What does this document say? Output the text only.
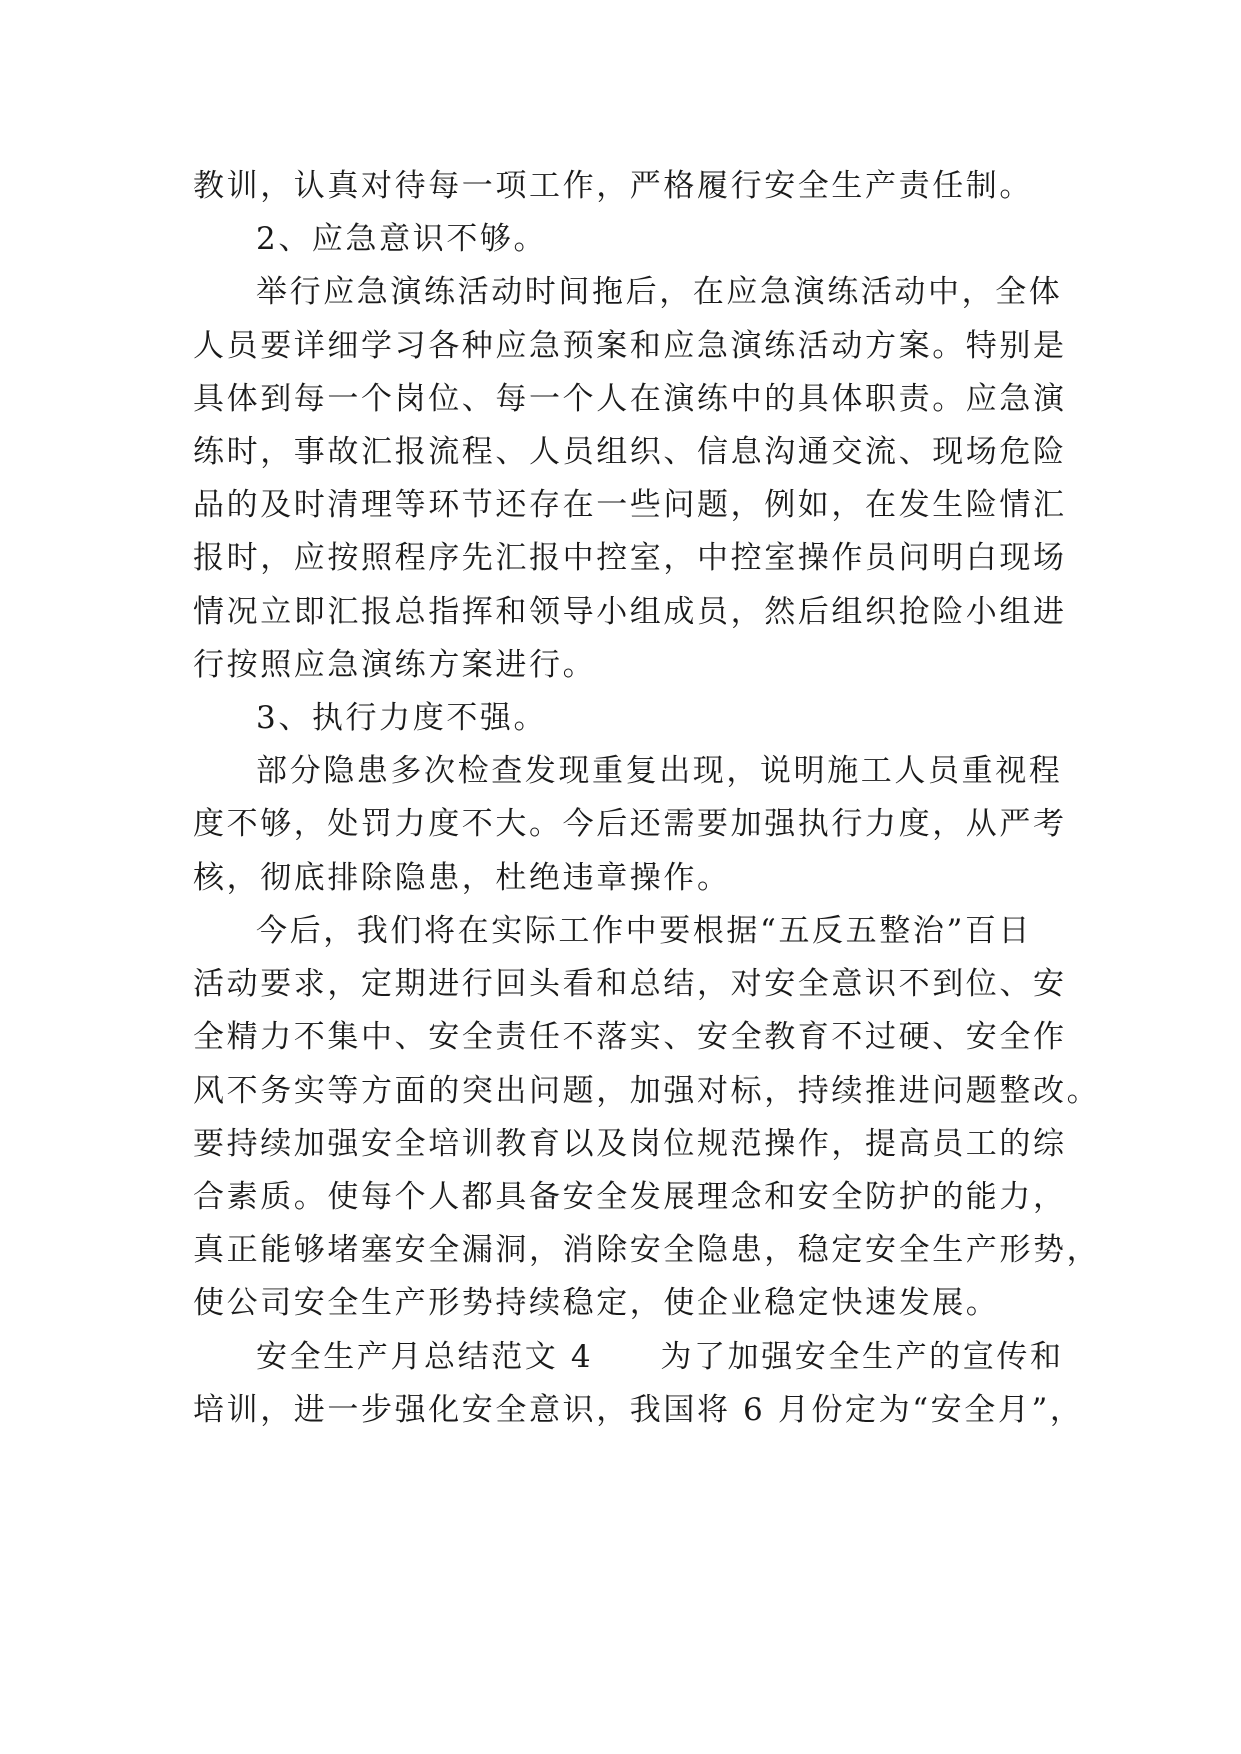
教训，认真对待每一项工作，严格履行安全生产责任制。
2、应急意识不够。
举行应急演练活动时间拖后，在应急演练活动中，全体
人员要详细学习各种应急预案和应急演练活动方案。特别是
具体到每一个岗位、每一个人在演练中的具体职责。应急演
练时，事故汇报流程、人员组织、信息沟通交流、现场危险
品的及时清理等环节还存在一些问题，例如，在发生险情汇
报时，应按照程序先汇报中控室，中控室操作员问明白现场
情况立即汇报总指挥和领导小组成员，然后组织抢险小组进
行按照应急演练方案进行。
3、执行力度不强。
部分隐患多次检查发现重复出现，说明施工人员重视程
度不够，处罚力度不大。今后还需要加强执行力度，从严考
核，彻底排除隐患，杜绝违章操作。
今后，我们将在实际工作中要根据“五反五整治”百日
活动要求，定期进行回头看和总结，对安全意识不到位、安
全精力不集中、安全责任不落实、安全教育不过硬、安全作
风不务实等方面的突出问题，加强对标，持续推进问题整改。
要持续加强安全培训教育以及岗位规范操作，提高员工的综
合素质。使每个人都具备安全发展理念和安全防护的能力，
真正能够堵塞安全漏洞，消除安全隐患，稳定安全生产形势，
使公司安全生产形势持续稳定，使企业稳定快速发展。
安全生产月总结范文 4　　为了加强安全生产的宣传和
培训，进一步强化安全意识，我国将 6 月份定为“安全月”，
